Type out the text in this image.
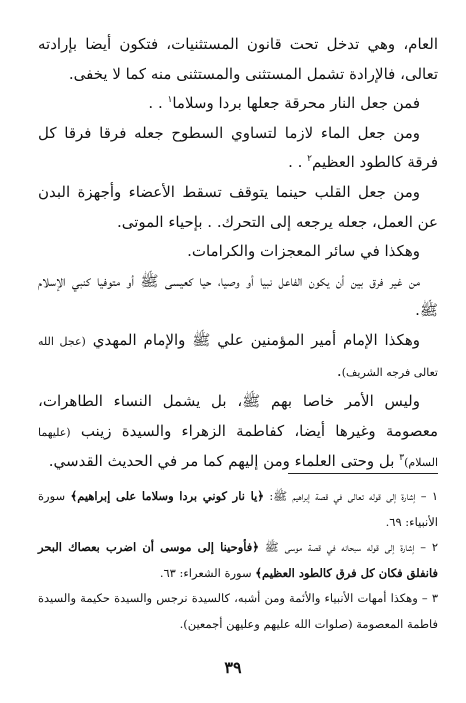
العام، وهي تدخل تحت قانون المستثنيات، فتكون أيضا بإرادته تعالى، فالإرادة تشمل المستثنى والمستثنى منه كما لا يخفى.

فمن جعل النار محرقة جعلها بردا وسلاما$^١$ . .

ومن جعل الماء لازما لتساوي السطوح جعله فرقا فرقا كل فرقة كالطود العظيم$^٢$ . .

ومن جعل القلب حينما يتوقف تسقط الأعضاء وأجهزة البدن عن العمل، جعله يرجعه إلى التحرك. . بإحياء الموتى.

وهكذا في سائر المعجزات والكرامات.

من غير فرق بين أن يكون الفاعل نبيا أو وصيا، حيا كعيسى ﷺ أو متوفيا كنبي الإسلام ﷺ.

وهكذا الإمام أمير المؤمنين علي ﷺ والإمام المهدي (عجل الله تعالى فرجه الشريف).

وليس الأمر خاصا بهم ﷺ، بل يشمل النساء الطاهرات، معصومة وغيرها أيضا، كفاطمة الزهراء والسيدة زينب (عليهما السلام)$^٣$ بل وحتى العلماء ومن إليهم كما مر في الحديث القدسي.

١ – إشارة إلى قوله تعالى في قصة إبراهيم ﷺ: ﴿يا نار كوني بردا وسلاما على إبراهيم﴾ سورة الأنبياء: ٦٩.

٢ – إشارة إلى قوله سبحانه في قصة موسى ﷺ ﴿فأوحينا إلى موسى أن اضرب بعصاك البحر فانفلق فكان كل فرق كالطود العظيم﴾ سورة الشعراء: ٦٣.

٣ – وهكذا أمهات الأنبياء والأئمة ومن أشبه، كالسيدة نرجس والسيدة حكيمة والسيدة فاطمة المعصومة (صلوات الله عليهم وعليهن أجمعين).

٣٩
